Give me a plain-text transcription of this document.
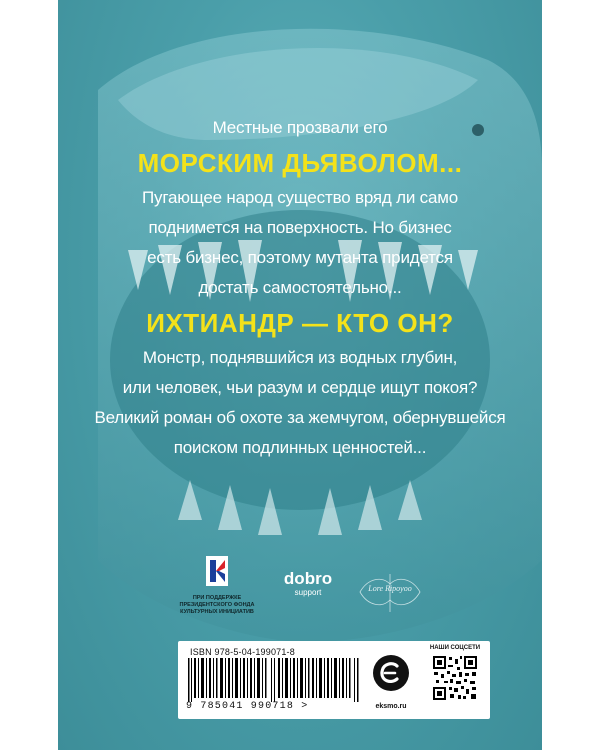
Местные прозвали его
МОРСКИМ ДЬЯВОЛОМ...
Пугающее народ существо вряд ли само
поднимется на поверхность. Но бизнес
есть бизнес, поэтому мутанта придется
достать самостоятельно...
ИХТИАНДР — КТО ОН?
Монстр, поднявшийся из водных глубин,
или человек, чьи разум и сердце ищут покоя?
Великий роман об охоте за жемчугом, обернувшейся
поиском подлинных ценностей...
ПРИ ПОДДЕРЖКЕ
ПРЕЗИДЕНТСКОГО ФОНДА
КУЛЬТУРНЫХ ИНИЦИАТИВ
dobro
support	Lore Ripoyoo
ISBN 978-5-04-199071-8
9 785041 990718 >	eksmo.ru
НАШИ СОЦСЕТИ
